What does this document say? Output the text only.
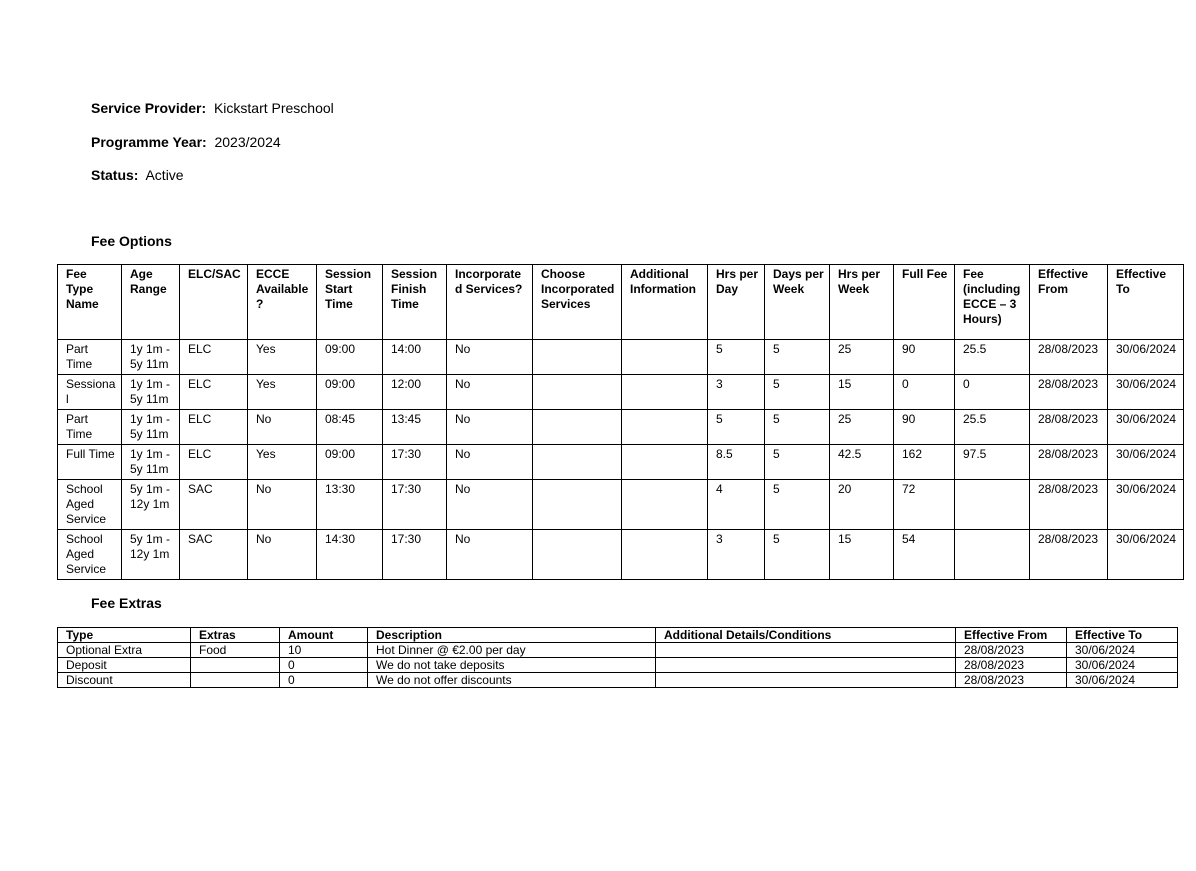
Service Provider: Kickstart Preschool
Programme Year: 2023/2024
Status: Active
Fee Options
Fee Type Name	Age Range	ELC/SAC	ECCE Available ?	Session Start Time	Session Finish Time	Incorporated Services?	Choose Incorporated Services	Additional Information	Hrs per Day	Days per Week	Hrs per Week	Full Fee	Fee (including ECCE – 3 Hours)	Effective From	Effective To
Part Time	1y 1m - 5y 11m	ELC	Yes	09:00	14:00	No			5	5	25	90	25.5	28/08/2023	30/06/2024
Sessional	1y 1m - 5y 11m	ELC	Yes	09:00	12:00	No			3	5	15	0	0	28/08/2023	30/06/2024
Part Time	1y 1m - 5y 11m	ELC	No	08:45	13:45	No			5	5	25	90	25.5	28/08/2023	30/06/2024
Full Time	1y 1m - 5y 11m	ELC	Yes	09:00	17:30	No			8.5	5	42.5	162	97.5	28/08/2023	30/06/2024
School Aged Service	5y 1m - 12y 1m	SAC	No	13:30	17:30	No			4	5	20	72		28/08/2023	30/06/2024
School Aged Service	5y 1m - 12y 1m	SAC	No	14:30	17:30	No			3	5	15	54		28/08/2023	30/06/2024
Fee Extras
Type	Extras	Amount	Description	Additional Details/Conditions	Effective From	Effective To
Optional Extra	Food	10	Hot Dinner @ €2.00 per day		28/08/2023	30/06/2024
Deposit		0	We do not take deposits		28/08/2023	30/06/2024
Discount		0	We do not offer discounts		28/08/2023	30/06/2024
